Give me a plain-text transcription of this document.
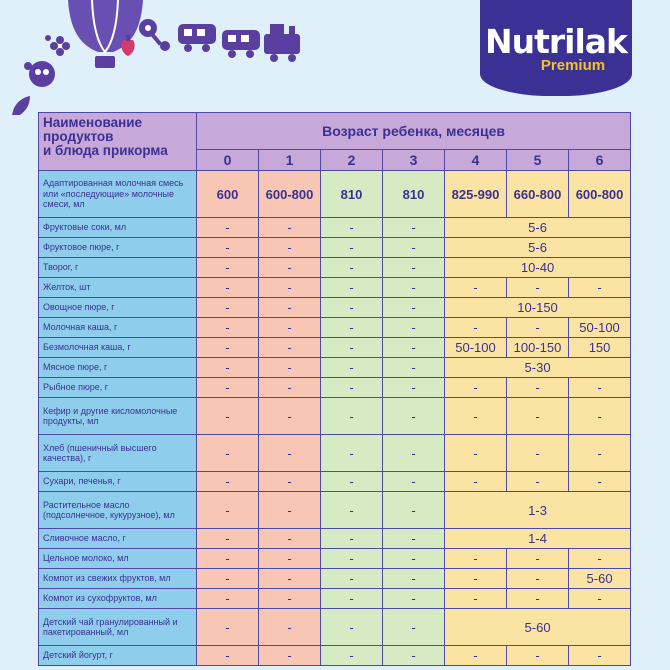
Nutrilak
Premium
Наименование
продуктов
и блюда прикорма	Возраст ребенка, месяцев						
	0	1	2	3	4	5	6
Адаптированная молочная смесь или «последующие» молочные смеси, мл	600	600-800	810	810	825-990	660-800	600-800
Фруктовые соки, мл	-	-	-	-	5-6		
Фруктовое пюре, г	-	-	-	-	5-6		
Творог, г	-	-	-	-	10-40		
Желток, шт	-	-	-	-	-	-	-
Овощное пюре, г	-	-	-	-	10-150		
Молочная каша, г	-	-	-	-	-	-	50-100
Безмолочная каша, г	-	-	-	-	50-100	100-150	150
Мясное пюре, г	-	-	-	-	5-30		
Рыбное пюре, г	-	-	-	-	-	-	-
Кефир и другие кисломолочные продукты, мл	-	-	-	-	-	-	-
Хлеб (пшеничный высшего качества), г	-	-	-	-	-	-	-
Сухари, печенья, г	-	-	-	-	-	-	-
Растительное масло (подсолнечное, кукурузное), мл	-	-	-	-	1-3		
Сливочное масло, г	-	-	-	-	1-4		
Цельное молоко, мл	-	-	-	-	-	-	-
Компот из свежих фруктов, мл	-	-	-	-	-	-	5-60
Компот из сухофруктов, мл	-	-	-	-	-	-	-
Детский чай гранулированный и пакетированный, мл	-	-	-	-	5-60		
Детский йогурт, г	-	-	-	-	-	-	-
